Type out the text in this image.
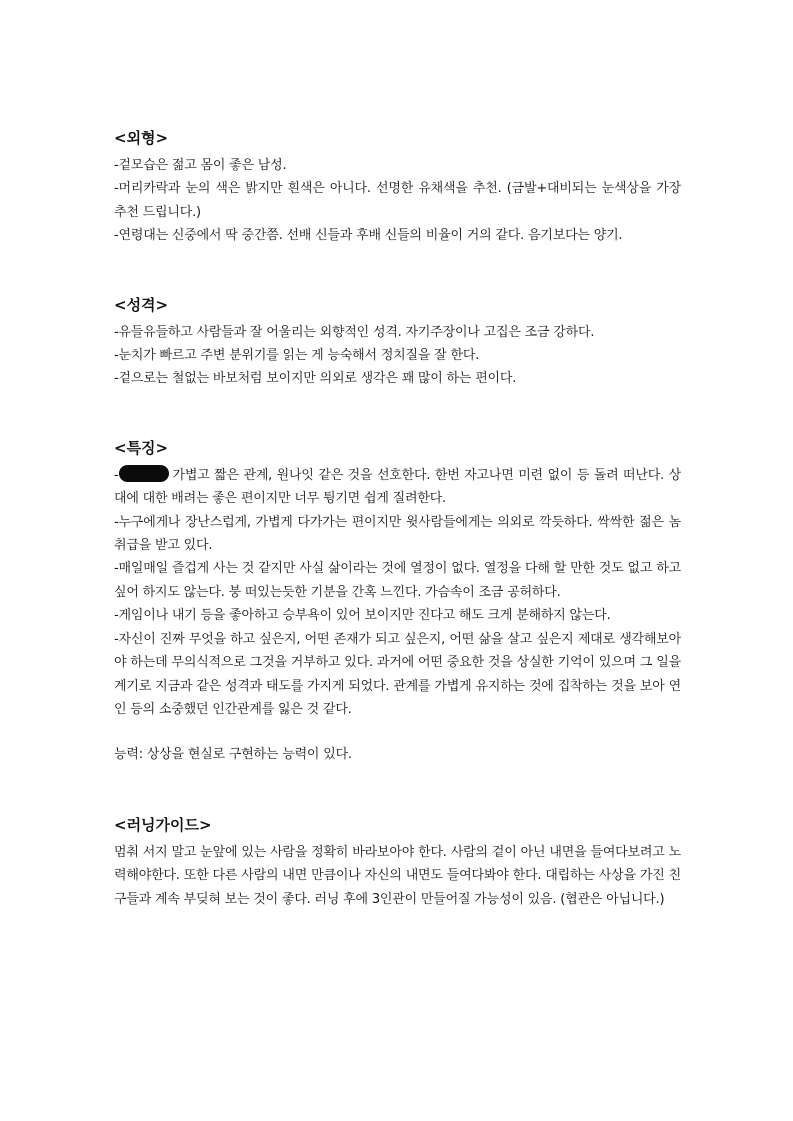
<외형>

-겉모습은 젊고 몸이 좋은 남성.

-머리카락과 눈의 색은 밝지만 흰색은 아니다. 선명한 유채색을 추천. (금발+대비되는 눈색상을 가장 추천 드립니다.)

-연령대는 신중에서 딱 중간쯤. 선배 신들과 후배 신들의 비율이 거의 같다. 음기보다는 양기.

<성격>

-유들유들하고 사람들과 잘 어울리는 외향적인 성격. 자기주장이나 고집은 조금 강하다.

-눈치가 빠르고 주변 분위기를 읽는 게 능숙해서 정치질을 잘 한다.

-겉으로는 철없는 바보처럼 보이지만 의외로 생각은 꽤 많이 하는 편이다.

<특징>

-	가볍고 짧은 관계, 원나잇 같은 것을 선호한다. 한번 자고나면 미련 없이 등 돌려 떠난다. 상대에 대한 배려는 좋은 편이지만 너무 튕기면 쉽게 질려한다.

-누구에게나 장난스럽게, 가볍게 다가가는 편이지만 윗사람들에게는 의외로 깍듯하다. 싹싹한 젊은 놈 취급을 받고 있다.

-매일매일 즐겁게 사는 것 같지만 사실 삶이라는 것에 열정이 없다. 열정을 다해 할 만한 것도 없고 하고 싶어 하지도 않는다. 붕 떠있는듯한 기분을 간혹 느낀다. 가슴속이 조금 공허하다.

-게임이나 내기 등을 좋아하고 승부욕이 있어 보이지만 진다고 해도 크게 분해하지 않는다.

-자신이 진짜 무엇을 하고 싶은지, 어떤 존재가 되고 싶은지, 어떤 삶을 살고 싶은지 제대로 생각해보아야 하는데 무의식적으로 그것을 거부하고 있다. 과거에 어떤 중요한 것을 상실한 기억이 있으며 그 일을 계기로 지금과 같은 성격과 태도를 가지게 되었다. 관계를 가볍게 유지하는 것에 집착하는 것을 보아 연인 등의 소중했던 인간관계를 잃은 것 같다.

능력: 상상을 현실로 구현하는 능력이 있다.

<러닝가이드>

멈춰 서지 말고 눈앞에 있는 사람을 정확히 바라보아야 한다. 사람의 겉이 아닌 내면을 들여다보려고 노력해야한다. 또한 다른 사람의 내면 만큼이나 자신의 내면도 들여다봐야 한다. 대립하는 사상을 가진 친구들과 계속 부딪혀 보는 것이 좋다. 러닝 후에 3인관이 만들어질 가능성이 있음. (협관은 아닙니다.)
